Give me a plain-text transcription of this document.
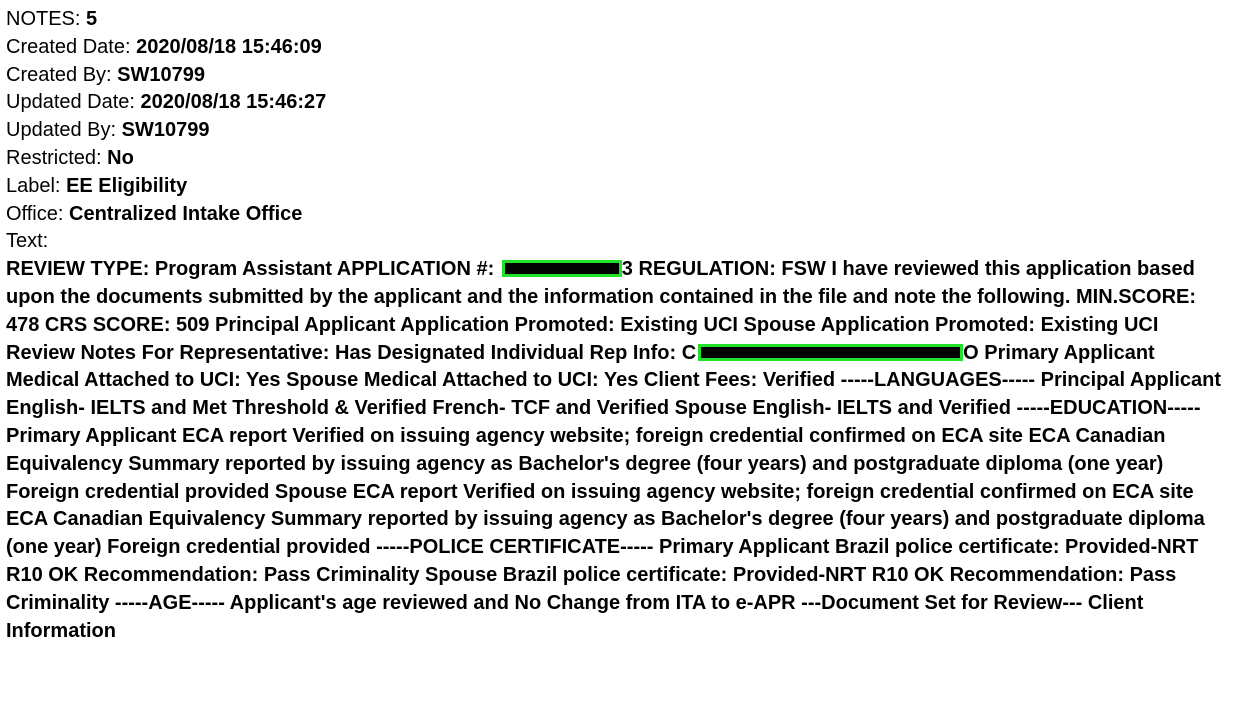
NOTES: 5
Created Date: 2020/08/18 15:46:09
Created By: SW10799
Updated Date: 2020/08/18 15:46:27
Updated By: SW10799
Restricted: No
Label: EE Eligibility
Office: Centralized Intake Office
Text:
REVIEW TYPE: Program Assistant APPLICATION #:	3 REGULATION: FSW I have reviewed this application based upon the documents submitted by the applicant and the information contained in the file and note the following. MIN.SCORE: 478 CRS SCORE: 509 Principal Applicant Application Promoted: Existing UCI Spouse Application Promoted: Existing UCI Review Notes For Representative: Has Designated Individual Rep Info: C	O Primary Applicant Medical Attached to UCI: Yes Spouse Medical Attached to UCI: Yes Client Fees: Verified -----LANGUAGES----- Principal Applicant English- IELTS and Met Threshold & Verified French- TCF and Verified Spouse English- IELTS and Verified -----EDUCATION----- Primary Applicant ECA report Verified on issuing agency website; foreign credential confirmed on ECA site ECA Canadian Equivalency Summary reported by issuing agency as Bachelor's degree (four years) and postgraduate diploma (one year) Foreign credential provided Spouse ECA report Verified on issuing agency website; foreign credential confirmed on ECA site ECA Canadian Equivalency Summary reported by issuing agency as Bachelor's degree (four years) and postgraduate diploma (one year) Foreign credential provided -----POLICE CERTIFICATE----- Primary Applicant Brazil police certificate: Provided-NRT R10 OK Recommendation: Pass Criminality Spouse Brazil police certificate: Provided-NRT R10 OK Recommendation: Pass Criminality -----AGE----- Applicant's age reviewed and No Change from ITA to e-APR ---Document Set for Review--- Client Information
